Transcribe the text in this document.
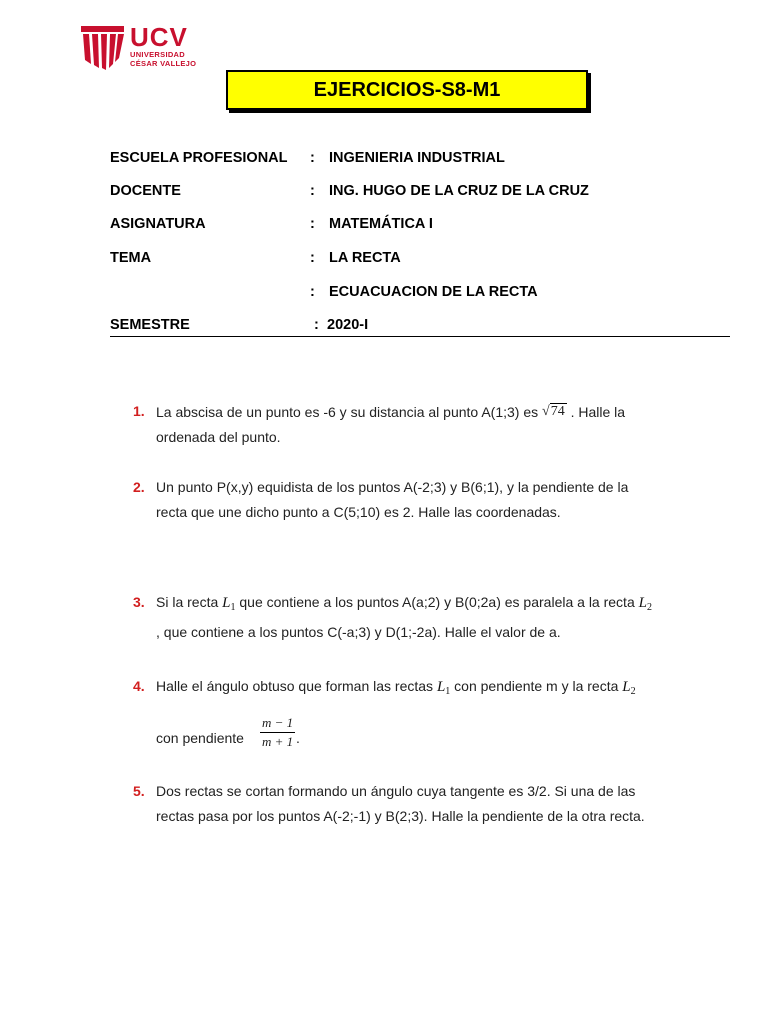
UCV
UNIVERSIDAD
CÉSAR VALLEJO
EJERCICIOS-S8-M1
ESCUELA PROFESIONAL : INGENIERIA INDUSTRIAL
DOCENTE	: ING. HUGO DE LA CRUZ DE LA CRUZ
ASIGNATURA	: MATEMÁTICA I
TEMA	: LA RECTA
: ECUACUACION DE LA RECTA
SEMESTRE	: 2020-I
1. La abscisa de un punto es -6 y su distancia al punto A(1;3) es √74 . Halle la
ordenada del punto.
2. Un punto P(x,y) equidista de los puntos A(-2;3) y B(6;1), y la pendiente de la
recta que une dicho punto a C(5;10) es 2. Halle las coordenadas.
3. Si la recta $L_1$ que contiene a los puntos A(a;2) y B(0;2a) es paralela a la recta $L_2$
, que contiene a los puntos C(-a;3) y D(1;-2a). Halle el valor de a.
4. Halle el ángulo obtuso que forman las rectas $L_1$ con pendiente m y la recta $L_2$
$\frac{m - 1}{m + 1}$
con pendiente	.
5. Dos rectas se cortan formando un ángulo cuya tangente es 3/2. Si una de las
rectas pasa por los puntos A(-2;-1) y B(2;3). Halle la pendiente de la otra recta.
